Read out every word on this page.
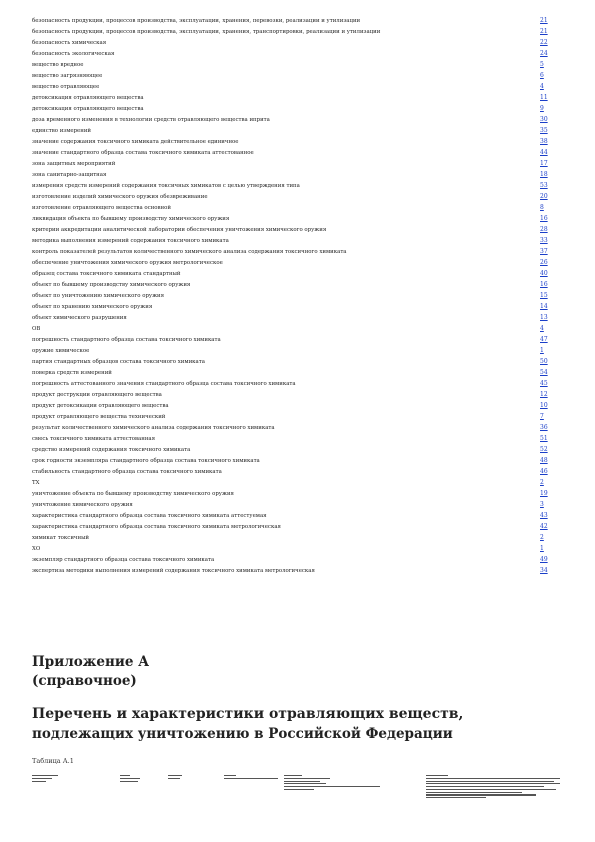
безопасность продукции, процессов производства, эксплуатации, хранения, перевозки, реализации и утилизации	21
безопасность продукции, процессов производства, эксплуатации, хранения, транспортировки, реализации и утилизации	21
безопасность химическая	22
безопасность экологическая	24
вещество вредное	5
вещество загрязняющее	6
вещество отравляющее	4
детоксикация отравляющего вещества	11
детоксикация отравляющего вещества	9
доза временного изменения в технологии средств отравляющего вещества иприта	30
единство измерений	35
значение содержания токсичного химиката действительное единичное	38
значение стандартного образца состава токсичного химиката аттестованное	44
зона защитных мероприятий	17
зона санитарно-защитная	18
измерения средств измерений содержания токсичных химикатов с целью утверждения типа	53
изготовление изделий химического оружия обезвреживание	20
изготовление отравляющего вещества основной	8
ликвидация объекта по бывшему производству химического оружия	16
критерии аккредитации аналитической лаборатории обеспечения уничтожения химического оружия	28
методика выполнения измерений содержания токсичного химиката	33
контроль показателей результатов количественного химического анализа содержания токсичного химиката	37
обеспечение уничтожения химического оружия метрологическое	26
образец состава токсичного химиката стандартный	40
объект по бывшему производству химического оружия	16
объект по уничтожению химического оружия	15
объект по хранению химического оружия	14
объект химического разрушения	13
ОВ	4
погрешность стандартного образца состава токсичного химиката	47
оружие химическое	1
партия стандартных образцов состава токсичного химиката	50
поверка средств измерений	54
погрешность аттестованного значения стандартного образца состава токсичного химиката	45
продукт деструкции отравляющего вещества	12
продукт детоксикации отравляющего вещества	10
продукт отравляющего вещества технический	7
результат количественного химического анализа содержания токсичного химиката	36
смесь токсичного химиката аттестованная	51
средство измерений содержания токсичного химиката	52
срок годности экземпляра стандартного образца состава токсичного химиката	48
стабильность стандартного образца состава токсичного химиката	46
ТХ	2
уничтожение объекта по бывшему производству химического оружия	19
уничтожение химического оружия	3
характеристика стандартного образца состава токсичного химиката аттестуемая	43
характеристика стандартного образца состава токсичного химиката метрологическая	42
химикат токсичный	2
ХО	1
экземпляр стандартного образца состава токсичного химиката	49
экспертиза методики выполнения измерений содержания токсичного химиката метрологическая	34
Приложение А
(справочное)
Перечень и характеристики отравляющих веществ,
подлежащих уничтожению в Российской Федерации
Таблица А.1
